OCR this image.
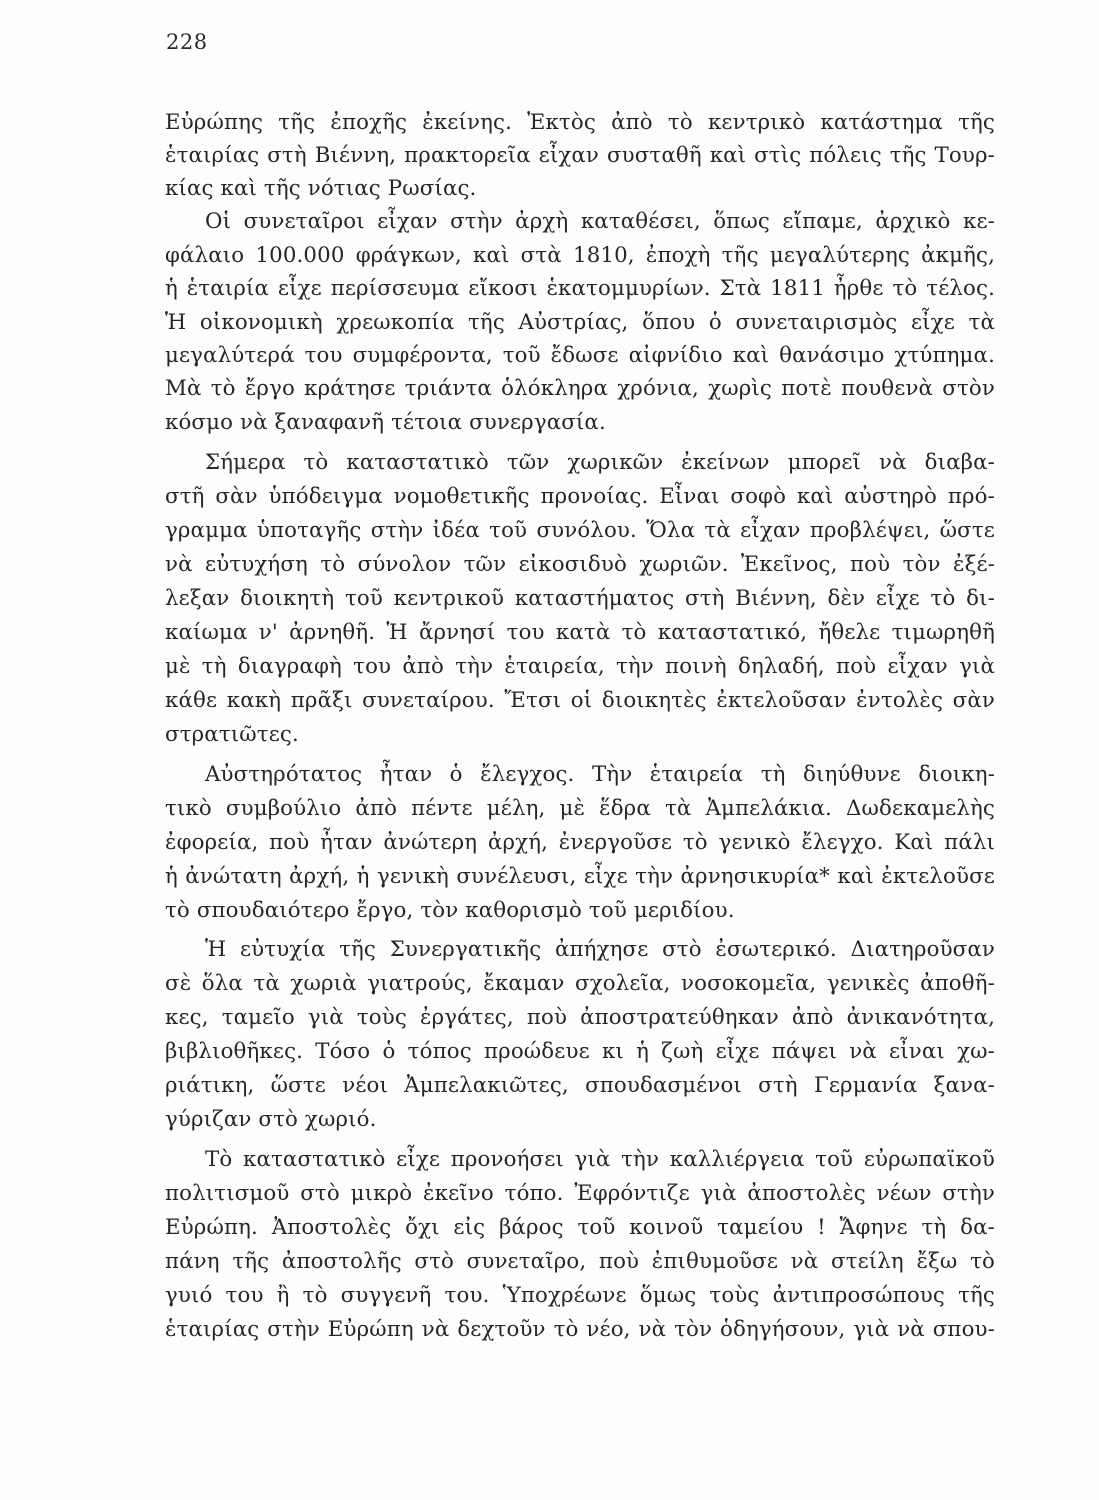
228
Εὐρώπης τῆς ἐποχῆς ἐκείνης. Ἐκτὸς ἀπὸ τὸ κεντρικὸ κατάστημα τῆς
ἑταιρίας στὴ Βιέννη, πρακτορεῖα εἶχαν συσταθῆ καὶ στὶς πόλεις τῆς Τουρ-
κίας καὶ τῆς νότιας Ρωσίας.
Οἱ συνεταῖροι εἶχαν στὴν ἀρχὴ καταθέσει, ὅπως εἴπαμε, ἀρχικὸ κε-
φάλαιο 100.000 φράγκων, καὶ στὰ 1810, ἐποχὴ τῆς μεγαλύτερης ἀκμῆς,
ἡ ἑταιρία εἶχε περίσσευμα εἴκοσι ἑκατομμυρίων. Στὰ 1811 ἦρθε τὸ τέλος.
Ἡ οἰκονομικὴ χρεωκοπία τῆς Αὐστρίας, ὅπου ὁ συνεταιρισμὸς εἶχε τὰ
μεγαλύτερά του συμφέροντα, τοῦ ἔδωσε αἰφνίδιο καὶ θανάσιμο χτύπημα.
Μὰ τὸ ἔργο κράτησε τριάντα ὁλόκληρα χρόνια, χωρὶς ποτὲ πουθενὰ στὸν
κόσμο νὰ ξαναφανῆ τέτοια συνεργασία.
Σήμερα τὸ καταστατικὸ τῶν χωρικῶν ἐκείνων μπορεῖ νὰ διαβα-
στῆ σὰν ὑπόδειγμα νομοθετικῆς προνοίας. Εἶναι σοφὸ καὶ αὐστηρὸ πρό-
γραμμα ὑποταγῆς στὴν ἰδέα τοῦ συνόλου. Ὅλα τὰ εἶχαν προβλέψει, ὥστε
νὰ εὐτυχήση τὸ σύνολον τῶν εἰκοσιδυὸ χωριῶν. Ἐκεῖνος, ποὺ τὸν ἐξέ-
λεξαν διοικητὴ τοῦ κεντρικοῦ καταστήματος στὴ Βιέννη, δὲν εἶχε τὸ δι-
καίωμα ν' ἀρνηθῆ. Ἡ ἄρνησί του κατὰ τὸ καταστατικό, ἤθελε τιμωρηθῆ
μὲ τὴ διαγραφὴ του ἀπὸ τὴν ἑταιρεία, τὴν ποινὴ δηλαδή, ποὺ εἶχαν γιὰ
κάθε κακὴ πρᾶξι συνεταίρου. Ἔτσι οἱ διοικητὲς ἐκτελοῦσαν ἐντολὲς σὰν
στρατιῶτες.
Αὐστηρότατος ἦταν ὁ ἔλεγχος. Τὴν ἑταιρεία τὴ διηύθυνε διοικη-
τικὸ συμβούλιο ἀπὸ πέντε μέλη, μὲ ἕδρα τὰ Ἀμπελάκια. Δωδεκαμελὴς
ἐφορεία, ποὺ ἦταν ἀνώτερη ἀρχή, ἐνεργοῦσε τὸ γενικὸ ἔλεγχο. Καὶ πάλι
ἡ ἀνώτατη ἀρχή, ἡ γενικὴ συνέλευσι, εἶχε τὴν ἀρνησικυρία* καὶ ἐκτελοῦσε
τὸ σπουδαιότερο ἔργο, τὸν καθορισμὸ τοῦ μεριδίου.
Ἡ εὐτυχία τῆς Συνεργατικῆς ἀπήχησε στὸ ἐσωτερικό. Διατηροῦσαν
σὲ ὅλα τὰ χωριὰ γιατρούς, ἔκαμαν σχολεῖα, νοσοκομεῖα, γενικὲς ἀποθῆ-
κες, ταμεῖο γιὰ τοὺς ἐργάτες, ποὺ ἀποστρατεύθηκαν ἀπὸ ἀνικανότητα,
βιβλιοθῆκες. Τόσο ὁ τόπος προώδευε κι ἡ ζωὴ εἶχε πάψει νὰ εἶναι χω-
ριάτικη, ὥστε νέοι Ἀμπελακιῶτες, σπουδασμένοι στὴ Γερμανία ξανα-
γύριζαν στὸ χωριό.
Τὸ καταστατικὸ εἶχε προνοήσει γιὰ τὴν καλλιέργεια τοῦ εὐρωπαϊκοῦ
πολιτισμοῦ στὸ μικρὸ ἐκεῖνο τόπο. Ἐφρόντιζε γιὰ ἀποστολὲς νέων στὴν
Εὐρώπη. Ἀποστολὲς ὄχι εἰς βάρος τοῦ κοινοῦ ταμείου ! Ἄφηνε τὴ δα-
πάνη τῆς ἀποστολῆς στὸ συνεταῖρο, ποὺ ἐπιθυμοῦσε νὰ στείλη ἔξω τὸ
γυιό του ἢ τὸ συγγενῆ του. Ὑποχρέωνε ὅμως τοὺς ἀντιπροσώπους τῆς
ἑταιρίας στὴν Εὐρώπη νὰ δεχτοῦν τὸ νέο, νὰ τὸν ὁδηγήσουν, γιὰ νὰ σπου-
